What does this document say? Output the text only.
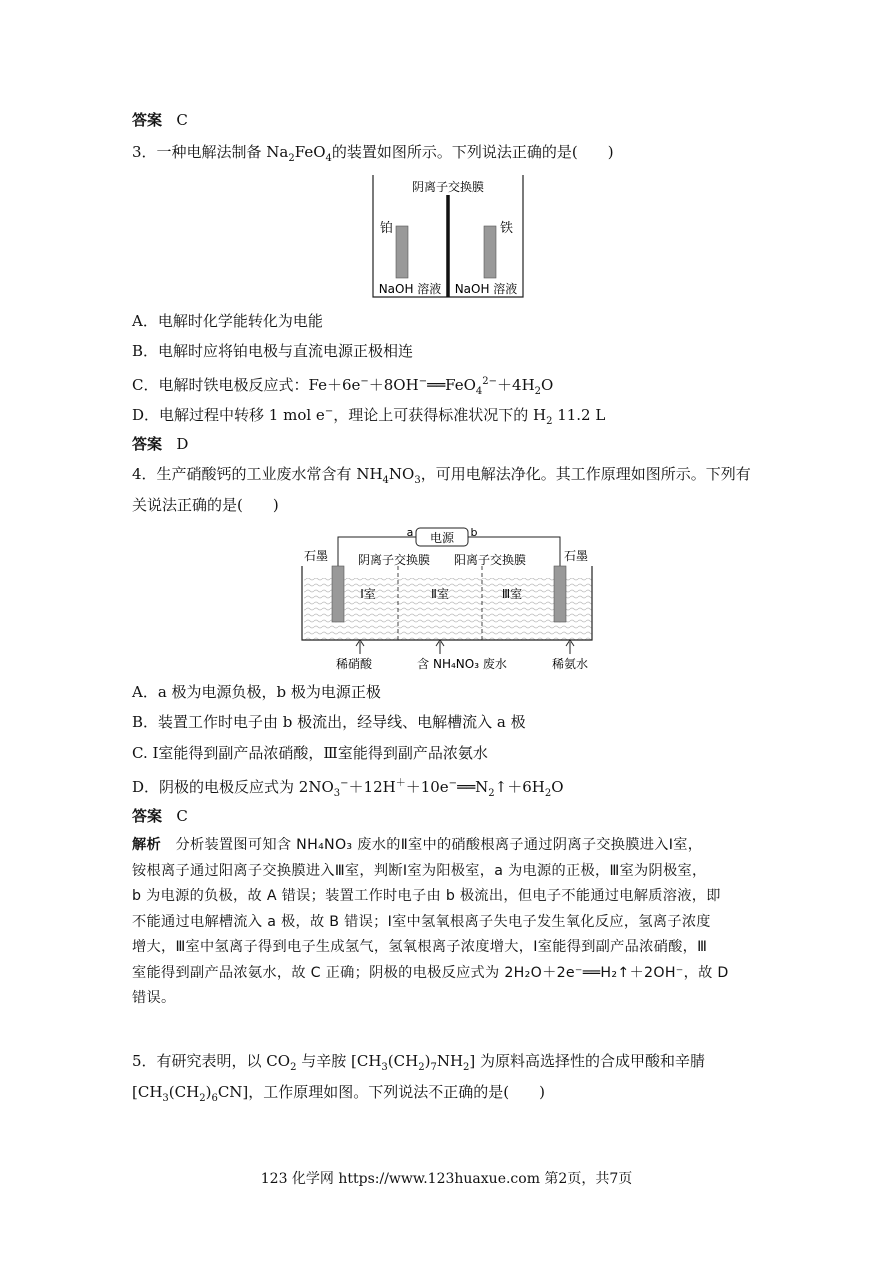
答案 C
3．一种电解法制备 $Na_2FeO_4$的装置如图所示。下列说法正确的是(　　)
阴离子交换膜
铂	铁
NaOH 溶液 NaOH 溶液
A．电解时化学能转化为电能
B．电解时应将铂电极与直流电源正极相连
C．电解时铁电极反应式：$Fe+6e^-+8OH^-══FeO_4^{2-}+4H_2O$
D．电解过程中转移 1 mol e−，理论上可获得标准状况下的 $H_2$ 11.2 L
答案 D
4．生产硝酸钙的工业废水常含有 $NH_4NO_3$，可用电解法净化。其工作原理如图所示。下列有
关说法正确的是(　　)
电源
a	b
石墨	石墨
阴离子交换膜 阳离子交换膜
Ⅰ室	Ⅱ室	Ⅲ室
稀硝酸	含 NH₄NO₃ 废水	稀氨水
A．a 极为电源负极，b 极为电源正极
B．装置工作时电子由 b 极流出，经导线、电解槽流入 a 极
C. Ⅰ室能得到副产品浓硝酸，Ⅲ室能得到副产品浓氨水
D．阴极的电极反应式为 $2NO_3^-+12H^++10e^-══N_2↑+6H_2O$
答案 C
解析　分析装置图可知含 NH₄NO₃ 废水的Ⅱ室中的硝酸根离子通过阴离子交换膜进入Ⅰ室，
铵根离子通过阳离子交换膜进入Ⅲ室，判断Ⅰ室为阳极室，a 为电源的正极，Ⅲ室为阴极室，
b 为电源的负极，故 A 错误；装置工作时电子由 b 极流出，但电子不能通过电解质溶液，即
不能通过电解槽流入 a 极，故 B 错误；Ⅰ室中氢氧根离子失电子发生氧化反应，氢离子浓度
增大，Ⅲ室中氢离子得到电子生成氢气，氢氧根离子浓度增大，Ⅰ室能得到副产品浓硝酸，Ⅲ
室能得到副产品浓氨水，故 C 正确；阴极的电极反应式为 2H₂O＋2e⁻══H₂↑＋2OH⁻，故 D
错误。
5．有研究表明，以 $CO_2$ 与辛胺 $[CH_3(CH_2)_7NH_2]$ 为原料高选择性的合成甲酸和辛腈
$[CH_3(CH_2)_6CN]$，工作原理如图。下列说法不正确的是(　　)
123 化学网 https://www.123huaxue.com 第2页，共7页
